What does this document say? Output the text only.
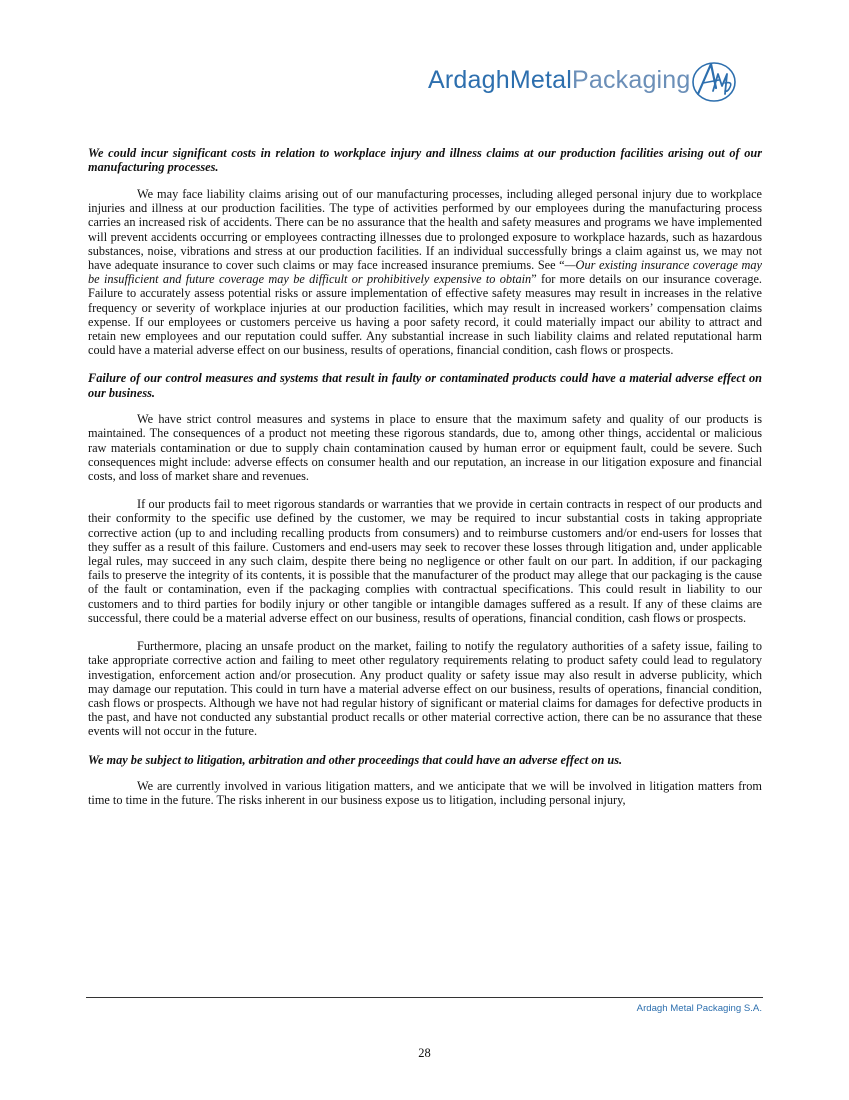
ArdaghMetalPackaging

We could incur significant costs in relation to workplace injury and illness claims at our production facilities arising out of our manufacturing processes.

We may face liability claims arising out of our manufacturing processes, including alleged personal injury due to workplace injuries and illness at our production facilities. The type of activities performed by our employees during the manufacturing process carries an increased risk of accidents. There can be no assurance that the health and safety measures and programs we have implemented will prevent accidents occurring or employees contracting illnesses due to prolonged exposure to workplace hazards, such as hazardous substances, noise, vibrations and stress at our production facilities. If an individual successfully brings a claim against us, we may not have adequate insurance to cover such claims or may face increased insurance premiums. See “—Our existing insurance coverage may be insufficient and future coverage may be difficult or prohibitively expensive to obtain” for more details on our insurance coverage. Failure to accurately assess potential risks or assure implementation of effective safety measures may result in increases in the relative frequency or severity of workplace injuries at our production facilities, which may result in increased workers’ compensation claims expense. If our employees or customers perceive us having a poor safety record, it could materially impact our ability to attract and retain new employees and our reputation could suffer. Any substantial increase in such liability claims and related reputational harm could have a material adverse effect on our business, results of operations, financial condition, cash flows or prospects.

Failure of our control measures and systems that result in faulty or contaminated products could have a material adverse effect on our business.

We have strict control measures and systems in place to ensure that the maximum safety and quality of our products is maintained. The consequences of a product not meeting these rigorous standards, due to, among other things, accidental or malicious raw materials contamination or due to supply chain contamination caused by human error or equipment fault, could be severe. Such consequences might include: adverse effects on consumer health and our reputation, an increase in our litigation exposure and financial costs, and loss of market share and revenues.

If our products fail to meet rigorous standards or warranties that we provide in certain contracts in respect of our products and their conformity to the specific use defined by the customer, we may be required to incur substantial costs in taking appropriate corrective action (up to and including recalling products from consumers) and to reimburse customers and/or end-users for losses that they suffer as a result of this failure. Customers and end-users may seek to recover these losses through litigation and, under applicable legal rules, may succeed in any such claim, despite there being no negligence or other fault on our part. In addition, if our packaging fails to preserve the integrity of its contents, it is possible that the manufacturer of the product may allege that our packaging is the cause of the fault or contamination, even if the packaging complies with contractual specifications. This could result in liability to our customers and to third parties for bodily injury or other tangible or intangible damages suffered as a result. If any of these claims are successful, there could be a material adverse effect on our business, results of operations, financial condition, cash flows or prospects.

Furthermore, placing an unsafe product on the market, failing to notify the regulatory authorities of a safety issue, failing to take appropriate corrective action and failing to meet other regulatory requirements relating to product safety could lead to regulatory investigation, enforcement action and/or prosecution. Any product quality or safety issue may also result in adverse publicity, which may damage our reputation. This could in turn have a material adverse effect on our business, results of operations, financial condition, cash flows or prospects. Although we have not had regular history of significant or material claims for damages for defective products in the past, and have not conducted any substantial product recalls or other material corrective action, there can be no assurance that these events will not occur in the future.

We may be subject to litigation, arbitration and other proceedings that could have an adverse effect on us.

We are currently involved in various litigation matters, and we anticipate that we will be involved in litigation matters from time to time in the future. The risks inherent in our business expose us to litigation, including personal injury,

Ardagh Metal Packaging S.A.
28
